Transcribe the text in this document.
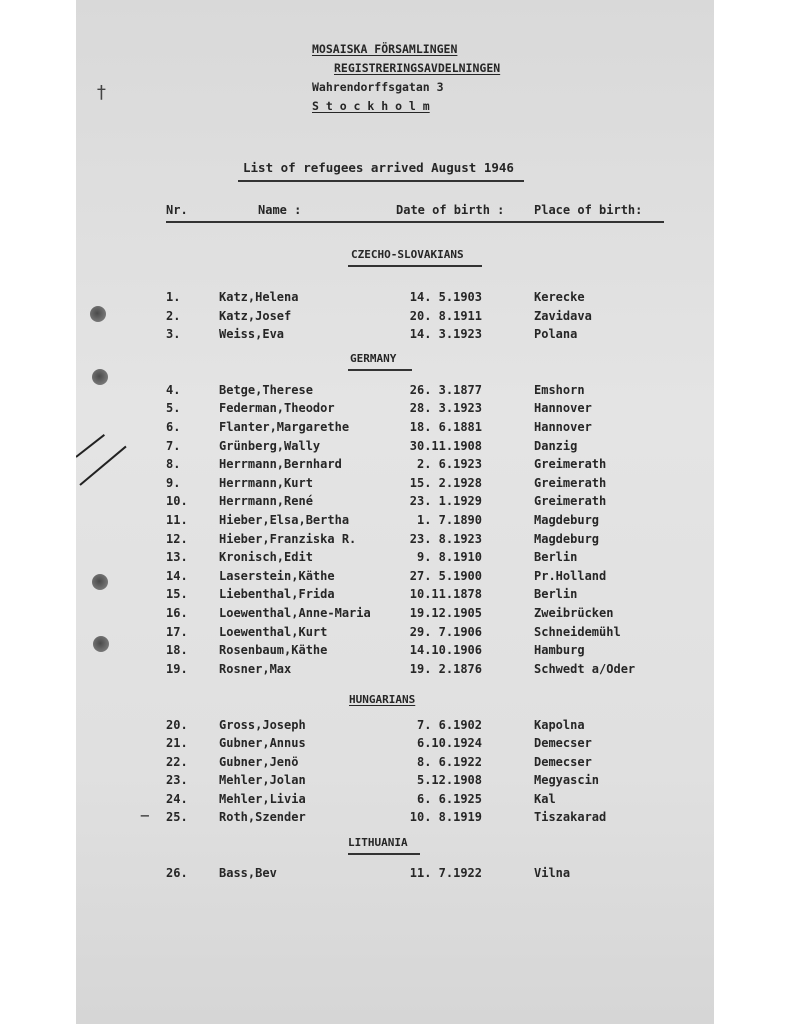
†
MOSAISKA FÖRSAMLINGEN
REGISTRERINGSAVDELNINGEN
Wahrendorffsgatan 3
S t o c k h o l m
List of refugees arrived August 1946
Nr.	Name :	Date of birth : Place of birth:
CZECHO-SLOVAKIANS
GERMANY
HUNGARIANS
LITHUANIA
−
1.	Katz,Helena	14. 5.1903	Kerecke
2.	Katz,Josef	20. 8.1911	Zavidava
3.	Weiss,Eva	14. 3.1923	Polana
4.	Betge,Therese	26. 3.1877	Emshorn
5.	Federman,Theodor	28. 3.1923	Hannover
6.	Flanter,Margarethe	18. 6.1881	Hannover
7.	Grünberg,Wally	30.11.1908	Danzig
8.	Herrmann,Bernhard	2. 6.1923	Greimerath
9.	Herrmann,Kurt	15. 2.1928	Greimerath
10.	Herrmann,René	23. 1.1929	Greimerath
11.	Hieber,Elsa,Bertha	1. 7.1890	Magdeburg
12.	Hieber,Franziska R.	23. 8.1923	Magdeburg
13.	Kronisch,Edit	9. 8.1910	Berlin
14.	Laserstein,Käthe	27. 5.1900	Pr.Holland
15.	Liebenthal,Frida	10.11.1878	Berlin
16.	Loewenthal,Anne-Maria	19.12.1905	Zweibrücken
17.	Loewenthal,Kurt	29. 7.1906	Schneidemühl
18.	Rosenbaum,Käthe	14.10.1906	Hamburg
19.	Rosner,Max	19. 2.1876	Schwedt a/Oder
20.	Gross,Joseph	7. 6.1902	Kapolna
21.	Gubner,Annus	6.10.1924	Demecser
22.	Gubner,Jenö	8. 6.1922	Demecser
23.	Mehler,Jolan	5.12.1908	Megyascin
24.	Mehler,Livia	6. 6.1925	Kal
25.	Roth,Szender	10. 8.1919	Tiszakarad
26.	Bass,Bev	11. 7.1922	Vilna
